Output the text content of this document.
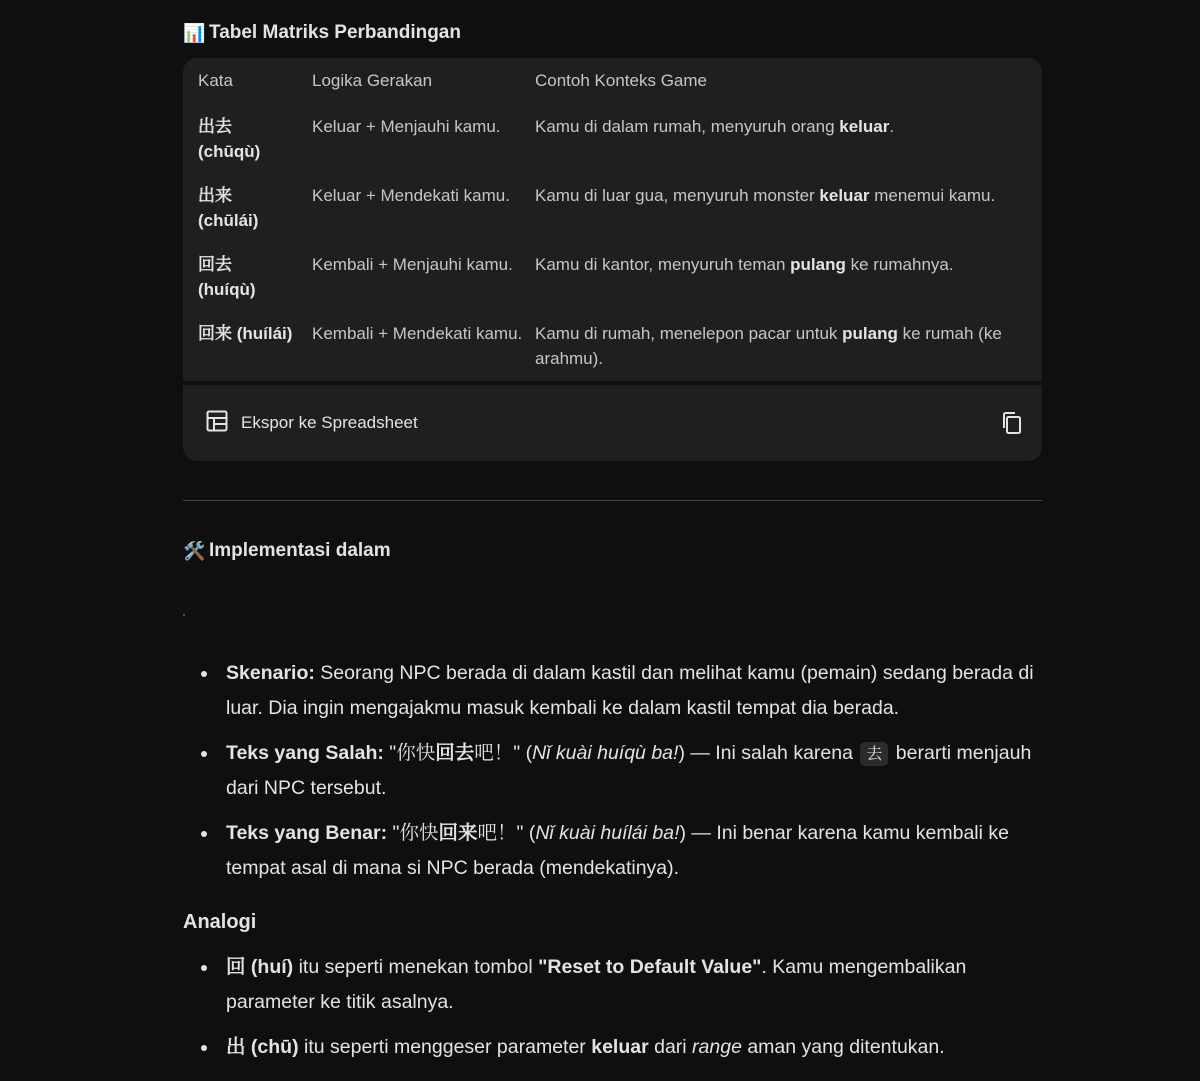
📊 Tabel Matriks Perbandingan
Kata	Logika Gerakan	Contoh Konteks Game
出去
(chūqù)	Keluar + Menjauhi kamu.	Kamu di dalam rumah, menyuruh orang keluar.
出来
(chūlái)	Keluar + Mendekati kamu.	Kamu di luar gua, menyuruh monster keluar menemui kamu.
回去
(huíqù)	Kembali + Menjauhi kamu.	Kamu di kantor, menyuruh teman pulang ke rumahnya.
回来 (huílái)	Kembali + Mendekati kamu.	Kamu di rumah, menelepon pacar untuk pulang ke rumah (ke arahmu).
Ekspor ke Spreadsheet
🛠️ Implementasi dalam
Skenario: Seorang NPC berada di dalam kastil dan melihat kamu (pemain) sedang berada di luar. Dia ingin mengajakmu masuk kembali ke dalam kastil tempat dia berada.
Teks yang Salah: "你快回去吧！" (Nǐ kuài huíqù ba!) — Ini salah karena 去 berarti menjauh dari NPC tersebut.
Teks yang Benar: "你快回来吧！" (Nǐ kuài huílái ba!) — Ini benar karena kamu kembali ke tempat asal di mana si NPC berada (mendekatinya).
Analogi
回 (huí) itu seperti menekan tombol "Reset to Default Value". Kamu mengembalikan parameter ke titik asalnya.
出 (chū) itu seperti menggeser parameter keluar dari range aman yang ditentukan.
